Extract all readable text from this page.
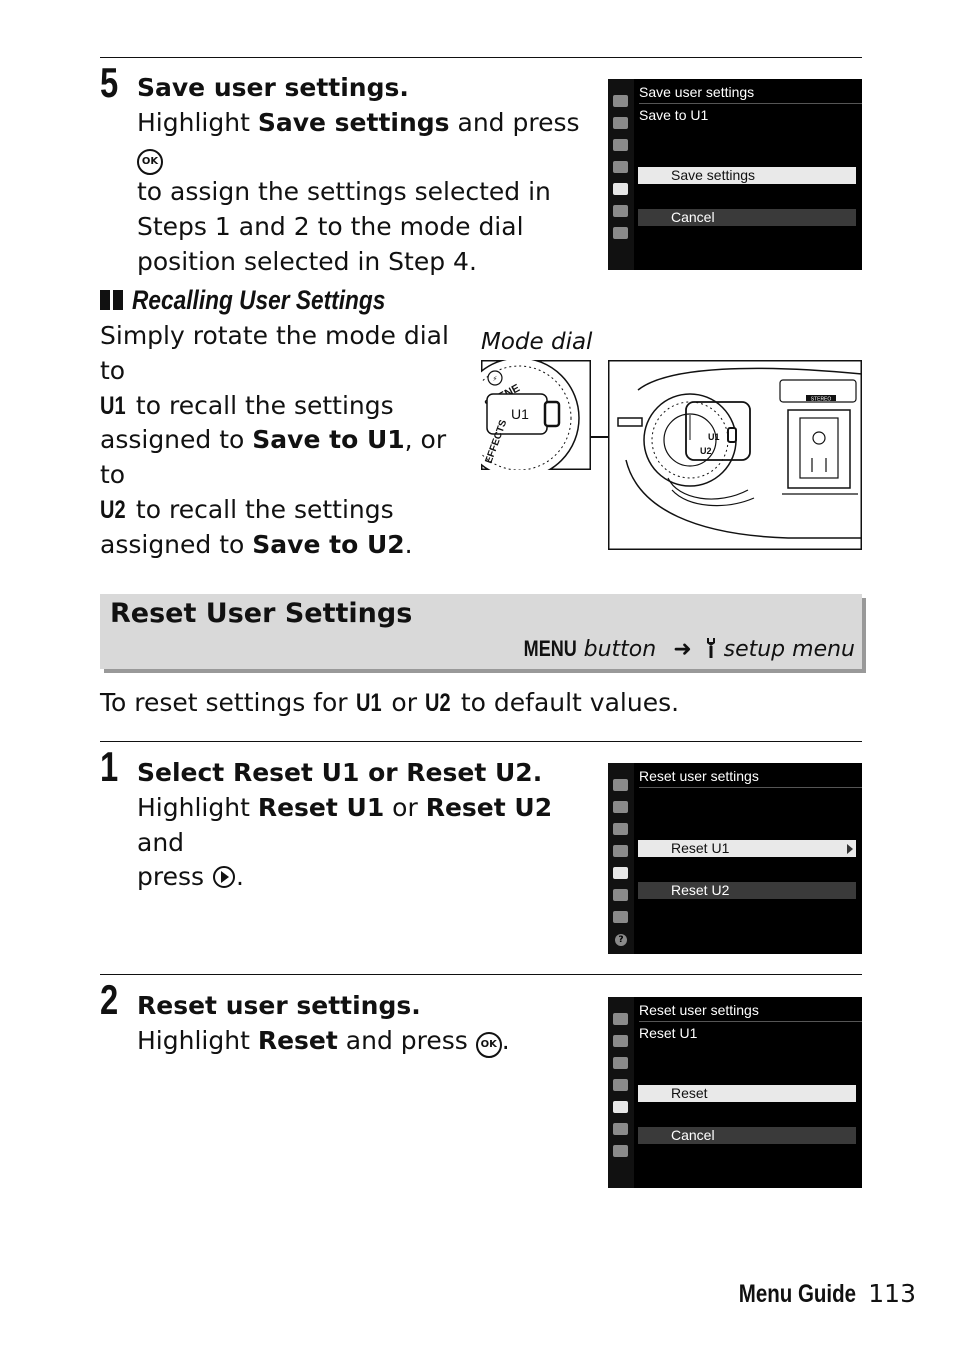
5 Save user settings.
Highlight Save settings and press OK
to assign the settings selected in
Steps 1 and 2 to the mode dial
position selected in Step 4.
Save user settings
Save to U1
Save settings
Cancel
Recalling User Settings
Simply rotate the mode dial to
U1 to recall the settings
assigned to Save to U1, or to
U2 to recall the settings
assigned to Save to U2.
Mode dial
⚡
U1
EFFECTS	U1
U2
STEREO
Reset User Settings
MENU button ➜  setup menu
To reset settings for U1 or U2 to default values.
1 Select Reset U1 or Reset U2.
Highlight Reset U1 or Reset U2 and
press .
?
Reset user settings
Reset U1
Reset U2
2 Reset user settings.
Highlight Reset and press OK .
Reset user settings
Reset U1
Reset
Cancel
Menu Guide 113
